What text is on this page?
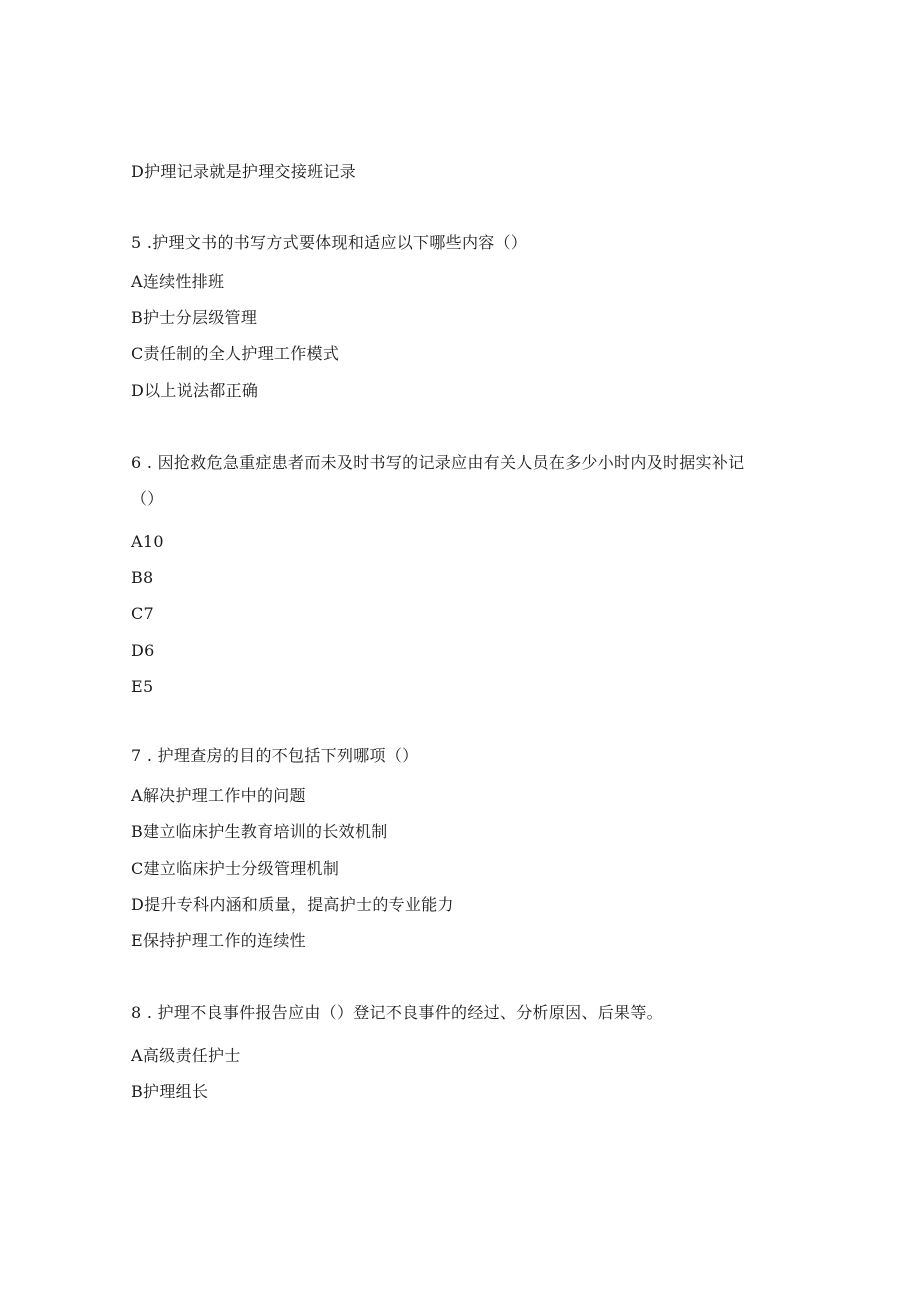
D护理记录就是护理交接班记录
5 .护理文书的书写方式要体现和适应以下哪些内容（）
A连续性排班
B护士分层级管理
C责任制的全人护理工作模式
D以上说法都正确
6 . 因抢救危急重症患者而未及时书写的记录应由有关人员在多少小时内及时据实补记
（）
A10
B8
C7
D6
E5
7 . 护理查房的目的不包括下列哪项（）
A解决护理工作中的问题
B建立临床护生教育培训的长效机制
C建立临床护士分级管理机制
D提升专科内涵和质量，提高护士的专业能力
E保持护理工作的连续性
8 . 护理不良事件报告应由（）登记不良事件的经过、分析原因、后果等。
A高级责任护士
B护理组长
